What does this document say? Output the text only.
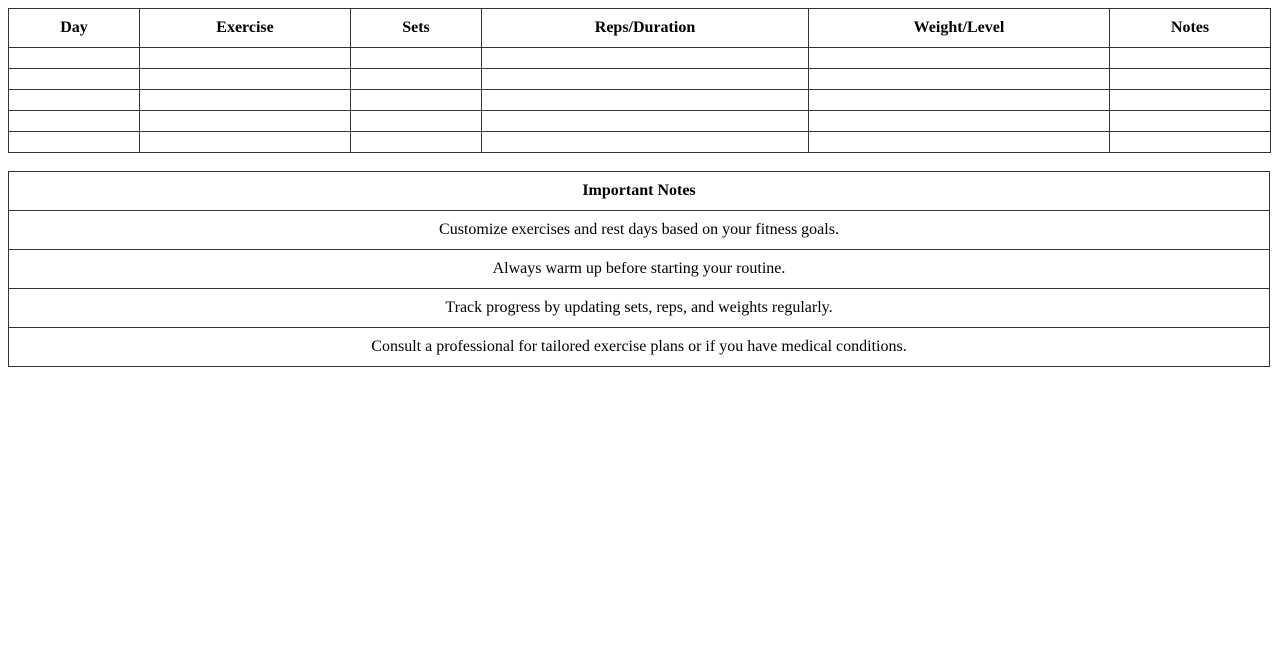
Day	Exercise	Sets	Reps/Duration	Weight/Level	Notes

Important Notes
Customize exercises and rest days based on your fitness goals.
Always warm up before starting your routine.
Track progress by updating sets, reps, and weights regularly.
Consult a professional for tailored exercise plans or if you have medical conditions.
